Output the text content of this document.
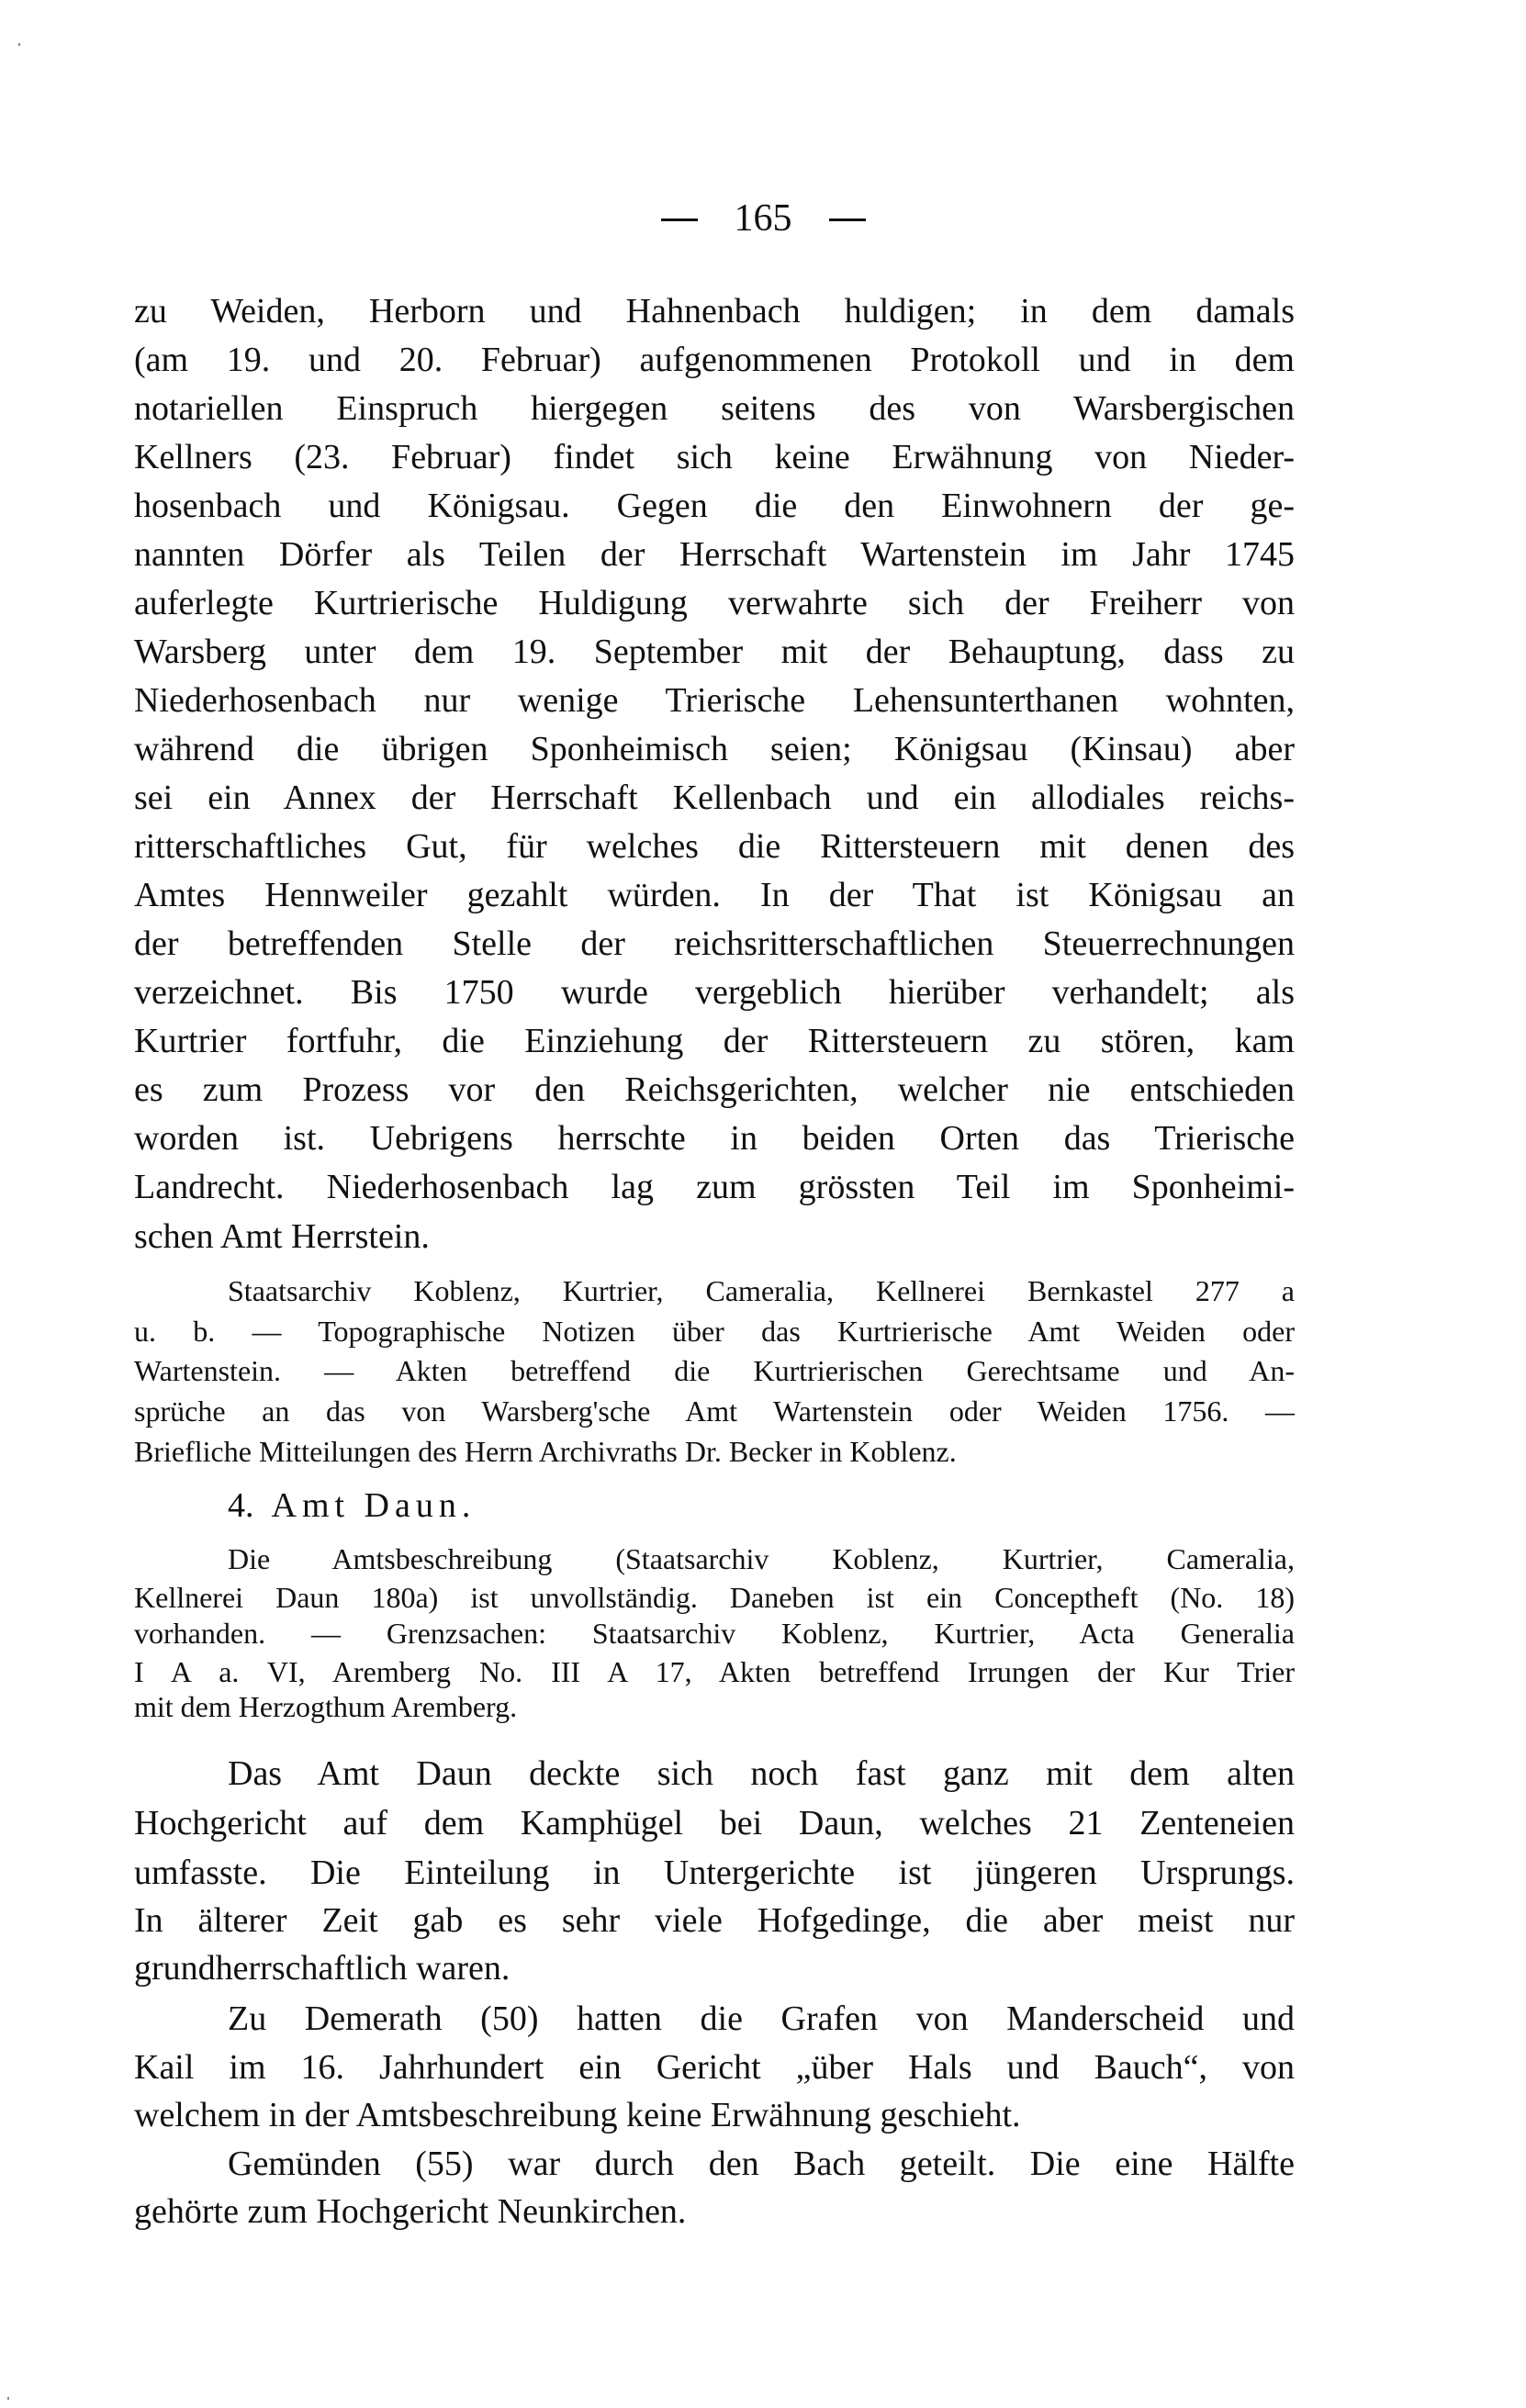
165
zu Weiden, Herborn und Hahnenbach huldigen; in dem damals
(am 19. und 20. Februar) aufgenommenen Protokoll und in dem
notariellen Einspruch hiergegen seitens des von Warsbergischen
Kellners (23. Februar) findet sich keine Erwähnung von Nieder-
hosenbach und Königsau. Gegen die den Einwohnern der ge-
nannten Dörfer als Teilen der Herrschaft Wartenstein im Jahr 1745
auferlegte Kurtrierische Huldigung verwahrte sich der Freiherr von
Warsberg unter dem 19. September mit der Behauptung, dass zu
Niederhosenbach nur wenige Trierische Lehensunterthanen wohnten,
während die übrigen Sponheimisch seien; Königsau (Kinsau) aber
sei ein Annex der Herrschaft Kellenbach und ein allodiales reichs-
ritterschaftliches Gut, für welches die Rittersteuern mit denen des
Amtes Hennweiler gezahlt würden. In der That ist Königsau an
der betreffenden Stelle der reichsritterschaftlichen Steuerrechnungen
verzeichnet. Bis 1750 wurde vergeblich hierüber verhandelt; als
Kurtrier fortfuhr, die Einziehung der Rittersteuern zu stören, kam
es zum Prozess vor den Reichsgerichten, welcher nie entschieden
worden ist. Uebrigens herrschte in beiden Orten das Trierische
Landrecht. Niederhosenbach lag zum grössten Teil im Sponheimi-
schen Amt Herrstein.
Staatsarchiv Koblenz, Kurtrier, Cameralia, Kellnerei Bernkastel 277 a
u. b. — Topographische Notizen über das Kurtrierische Amt Weiden oder
Wartenstein. — Akten betreffend die Kurtrierischen Gerechtsame und An-
sprüche an das von Warsberg'sche Amt Wartenstein oder Weiden 1756. —
Briefliche Mitteilungen des Herrn Archivraths Dr. Becker in Koblenz.
4. Amt Daun.
Die Amtsbeschreibung (Staatsarchiv Koblenz, Kurtrier, Cameralia,
Kellnerei Daun 180a) ist unvollständig. Daneben ist ein Conceptheft (No. 18)
vorhanden. — Grenzsachen: Staatsarchiv Koblenz, Kurtrier, Acta Generalia
I A a. VI, Aremberg No. III A 17, Akten betreffend Irrungen der Kur Trier
mit dem Herzogthum Aremberg.
Das Amt Daun deckte sich noch fast ganz mit dem alten
Hochgericht auf dem Kamphügel bei Daun, welches 21 Zenteneien
umfasste. Die Einteilung in Untergerichte ist jüngeren Ursprungs.
In älterer Zeit gab es sehr viele Hofgedinge, die aber meist nur
grundherrschaftlich waren.
Zu Demerath (50) hatten die Grafen von Manderscheid und
Kail im 16. Jahrhundert ein Gericht „über Hals und Bauch“, von
welchem in der Amtsbeschreibung keine Erwähnung geschieht.
Gemünden (55) war durch den Bach geteilt. Die eine Hälfte
gehörte zum Hochgericht Neunkirchen.
